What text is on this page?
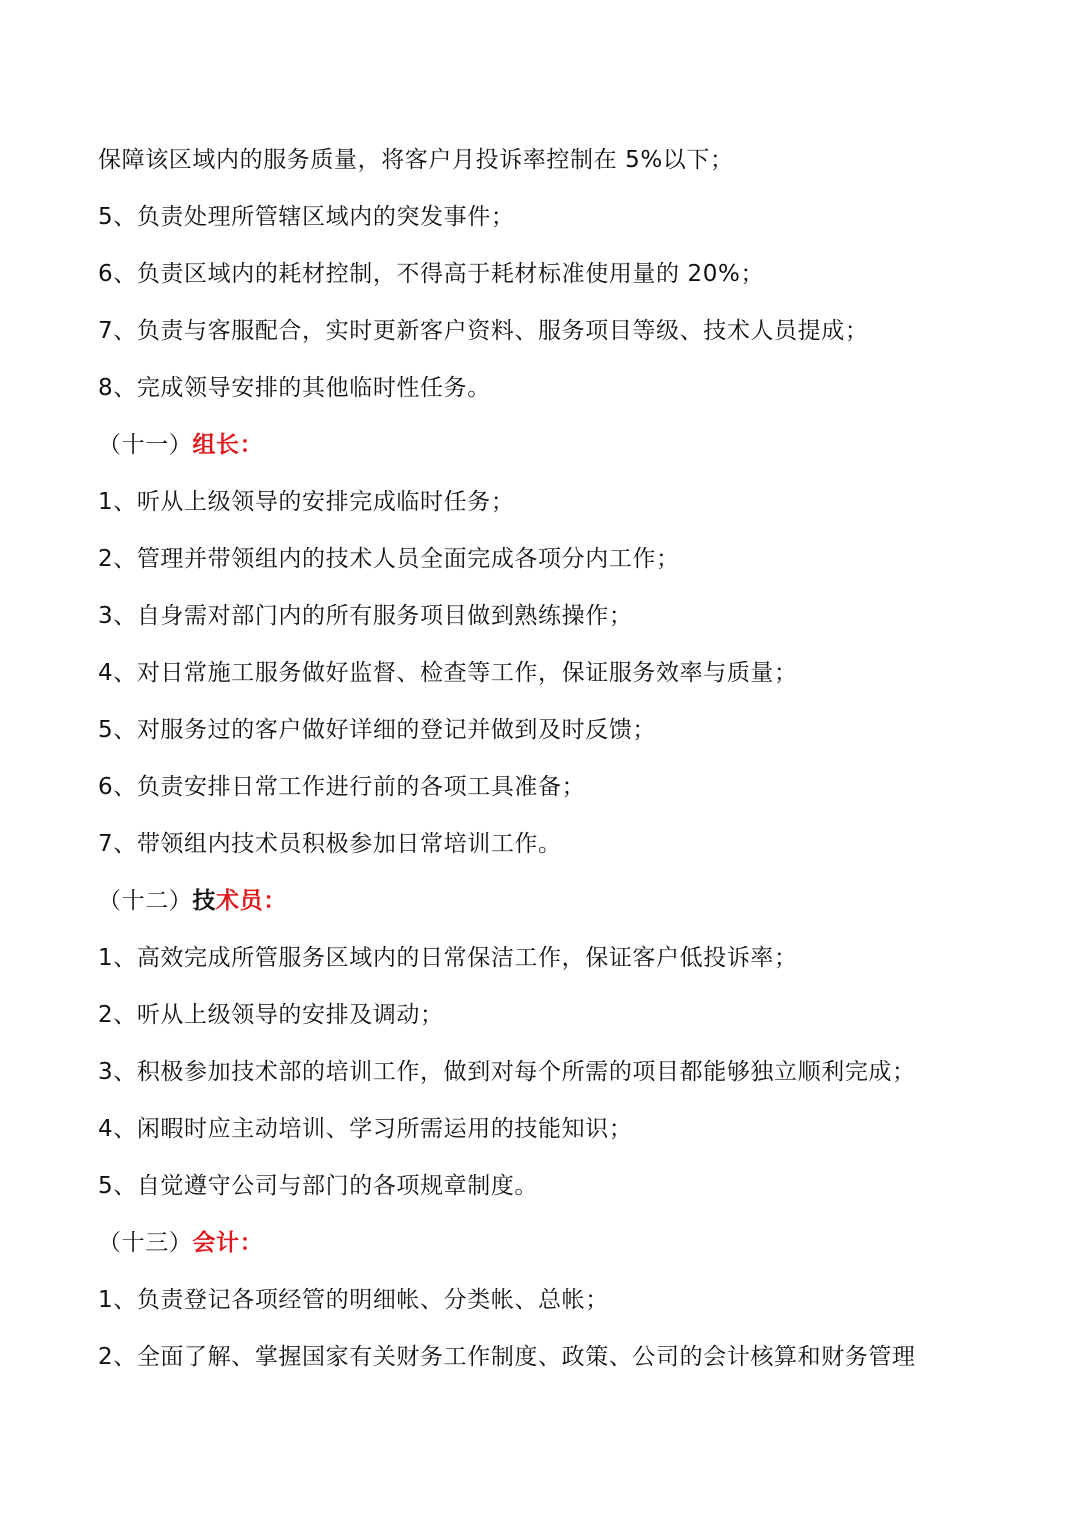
保障该区域内的服务质量，将客户月投诉率控制在 5%以下；
5、负责处理所管辖区域内的突发事件；
6、负责区域内的耗材控制，不得高于耗材标准使用量的 20%；
7、负责与客服配合，实时更新客户资料、服务项目等级、技术人员提成；
8、完成领导安排的其他临时性任务。
（十一）组长：
1、听从上级领导的安排完成临时任务；
2、管理并带领组内的技术人员全面完成各项分内工作；
3、自身需对部门内的所有服务项目做到熟练操作；
4、对日常施工服务做好监督、检查等工作，保证服务效率与质量；
5、对服务过的客户做好详细的登记并做到及时反馈；
6、负责安排日常工作进行前的各项工具准备；
7、带领组内技术员积极参加日常培训工作。
（十二）技术员：
1、高效完成所管服务区域内的日常保洁工作，保证客户低投诉率；
2、听从上级领导的安排及调动；
3、积极参加技术部的培训工作，做到对每个所需的项目都能够独立顺利完成；
4、闲暇时应主动培训、学习所需运用的技能知识；
5、自觉遵守公司与部门的各项规章制度。
（十三）会计：
1、负责登记各项经管的明细帐、分类帐、总帐；
2、全面了解、掌握国家有关财务工作制度、政策、公司的会计核算和财务管理
